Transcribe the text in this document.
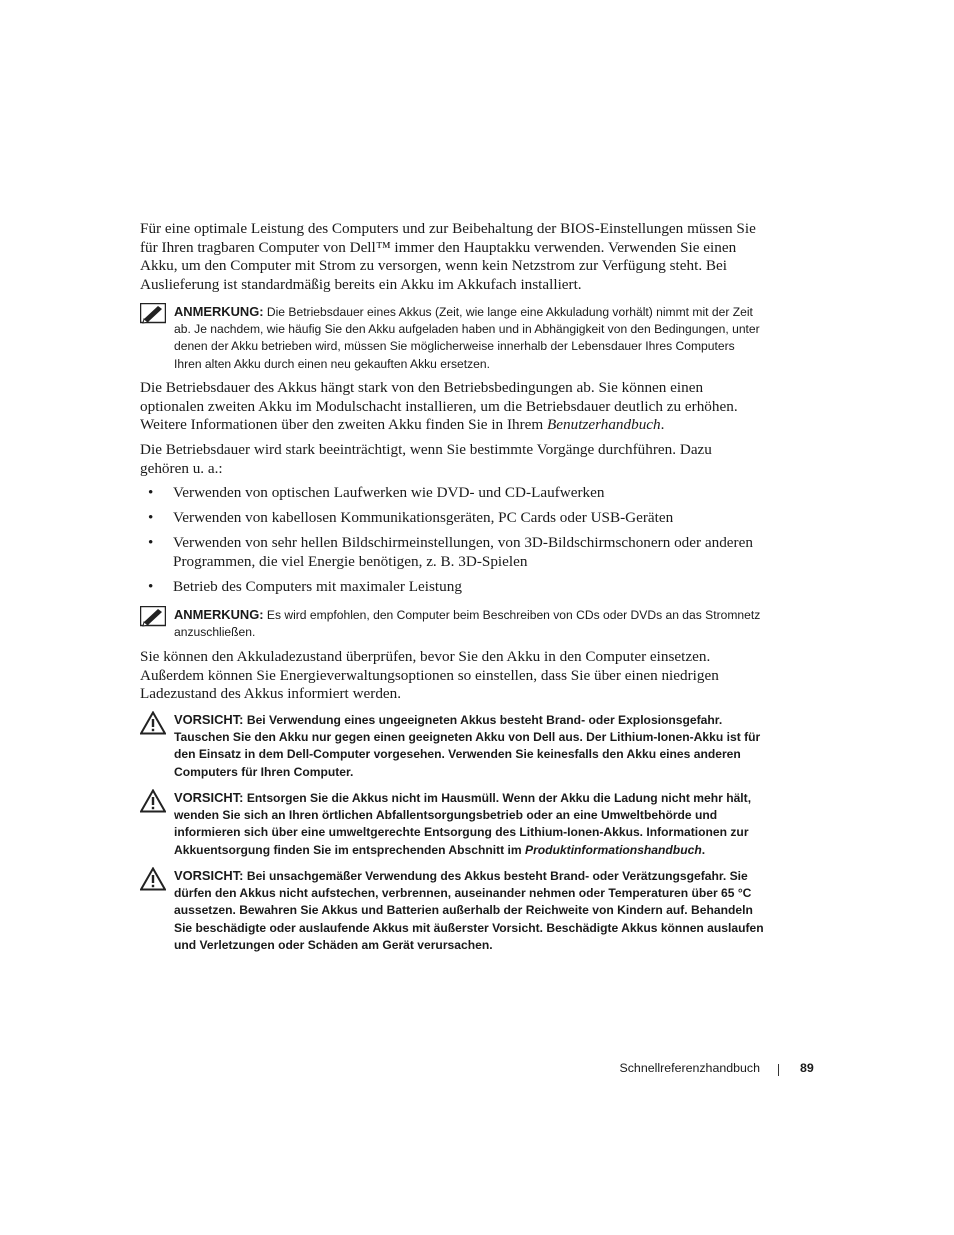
Für eine optimale Leistung des Computers und zur Beibehaltung der BIOS-Einstellungen müssen Sie für Ihren tragbaren Computer von Dell™ immer den Hauptakku verwenden. Verwenden Sie einen Akku, um den Computer mit Strom zu versorgen, wenn kein Netzstrom zur Verfügung steht. Bei Auslieferung ist standardmäßig bereits ein Akku im Akkufach installiert.

ANMERKUNG: Die Betriebsdauer eines Akkus (Zeit, wie lange eine Akkuladung vorhält) nimmt mit der Zeit ab. Je nachdem, wie häufig Sie den Akku aufgeladen haben und in Abhängigkeit von den Bedingungen, unter denen der Akku betrieben wird, müssen Sie möglicherweise innerhalb der Lebensdauer Ihres Computers Ihren alten Akku durch einen neu gekauften Akku ersetzen.

Die Betriebsdauer des Akkus hängt stark von den Betriebsbedingungen ab. Sie können einen optionalen zweiten Akku im Modulschacht installieren, um die Betriebsdauer deutlich zu erhöhen. Weitere Informationen über den zweiten Akku finden Sie in Ihrem Benutzerhandbuch.

Die Betriebsdauer wird stark beeinträchtigt, wenn Sie bestimmte Vorgänge durchführen. Dazu gehören u. a.:

• Verwenden von optischen Laufwerken wie DVD- und CD-Laufwerken
• Verwenden von kabellosen Kommunikationsgeräten, PC Cards oder USB-Geräten
• Verwenden von sehr hellen Bildschirmeinstellungen, von 3D-Bildschirmschonern oder anderen Programmen, die viel Energie benötigen, z. B. 3D-Spielen
• Betrieb des Computers mit maximaler Leistung
ANMERKUNG: Es wird empfohlen, den Computer beim Beschreiben von CDs oder DVDs an das Stromnetz anzuschließen.

Sie können den Akkuladezustand überprüfen, bevor Sie den Akku in den Computer einsetzen. Außerdem können Sie Energieverwaltungsoptionen so einstellen, dass Sie über einen niedrigen Ladezustand des Akkus informiert werden.

VORSICHT: Bei Verwendung eines ungeeigneten Akkus besteht Brand- oder Explosionsgefahr. Tauschen Sie den Akku nur gegen einen geeigneten Akku von Dell aus. Der Lithium-Ionen-Akku ist für den Einsatz in dem Dell-Computer vorgesehen. Verwenden Sie keinesfalls den Akku eines anderen Computers für Ihren Computer.
VORSICHT: Entsorgen Sie die Akkus nicht im Hausmüll. Wenn der Akku die Ladung nicht mehr hält, wenden Sie sich an Ihren örtlichen Abfallentsorgungsbetrieb oder an eine Umweltbehörde und informieren sich über eine umweltgerechte Entsorgung des Lithium-Ionen-Akkus. Informationen zur Akkuentsorgung finden Sie im entsprechenden Abschnitt im Produktinformationshandbuch.
VORSICHT: Bei unsachgemäßer Verwendung des Akkus besteht Brand- oder Verätzungsgefahr. Sie dürfen den Akkus nicht aufstechen, verbrennen, auseinander nehmen oder Temperaturen über 65 °C aussetzen. Bewahren Sie Akkus und Batterien außerhalb der Reichweite von Kindern auf. Behandeln Sie beschädigte oder auslaufende Akkus mit äußerster Vorsicht. Beschädigte Akkus können auslaufen und Verletzungen oder Schäden am Gerät verursachen.
Schnellreferenzhandbuch	89
